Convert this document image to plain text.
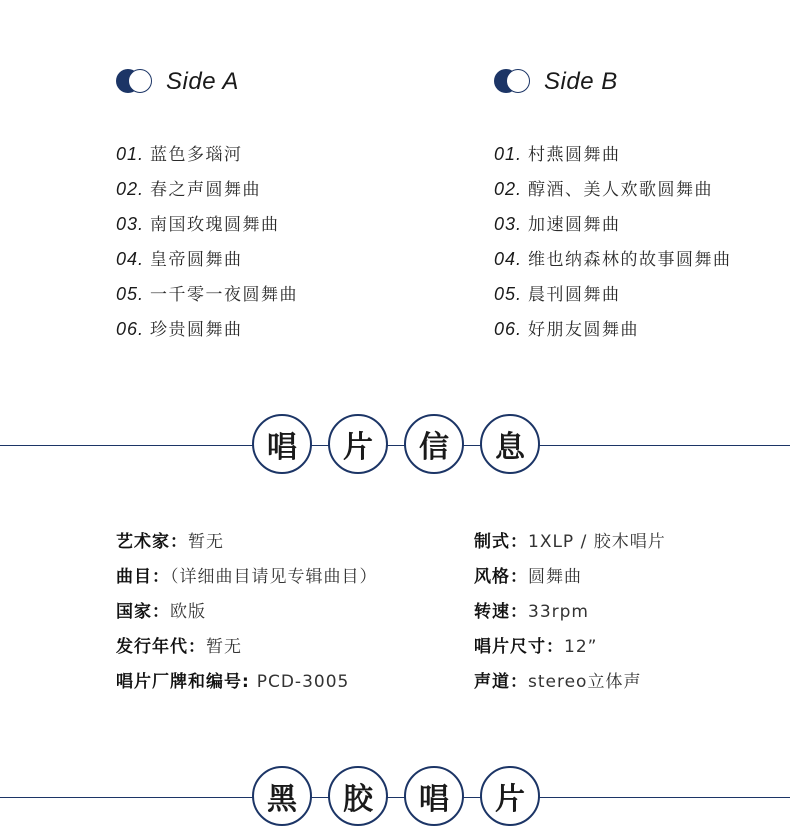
Side A	Side B
01. 蓝色多瑙河
02. 春之声圆舞曲
03. 南国玫瑰圆舞曲
04. 皇帝圆舞曲
05. 一千零一夜圆舞曲
06. 珍贵圆舞曲
01. 村燕圆舞曲
02. 醇酒、美人欢歌圆舞曲
03. 加速圆舞曲
04. 维也纳森林的故事圆舞曲
05. 晨刊圆舞曲
06. 好朋友圆舞曲
唱	片	信	息
艺术家：暂无
曲目：（详细曲目请见专辑曲目）
国家：欧版
发行年代：暂无
唱片厂牌和编号: PCD-3005
制式：1XLP / 胶木唱片
风格：圆舞曲
转速：33rpm
唱片尺寸：12”
声道：stereo立体声
黑	胶	唱	片
